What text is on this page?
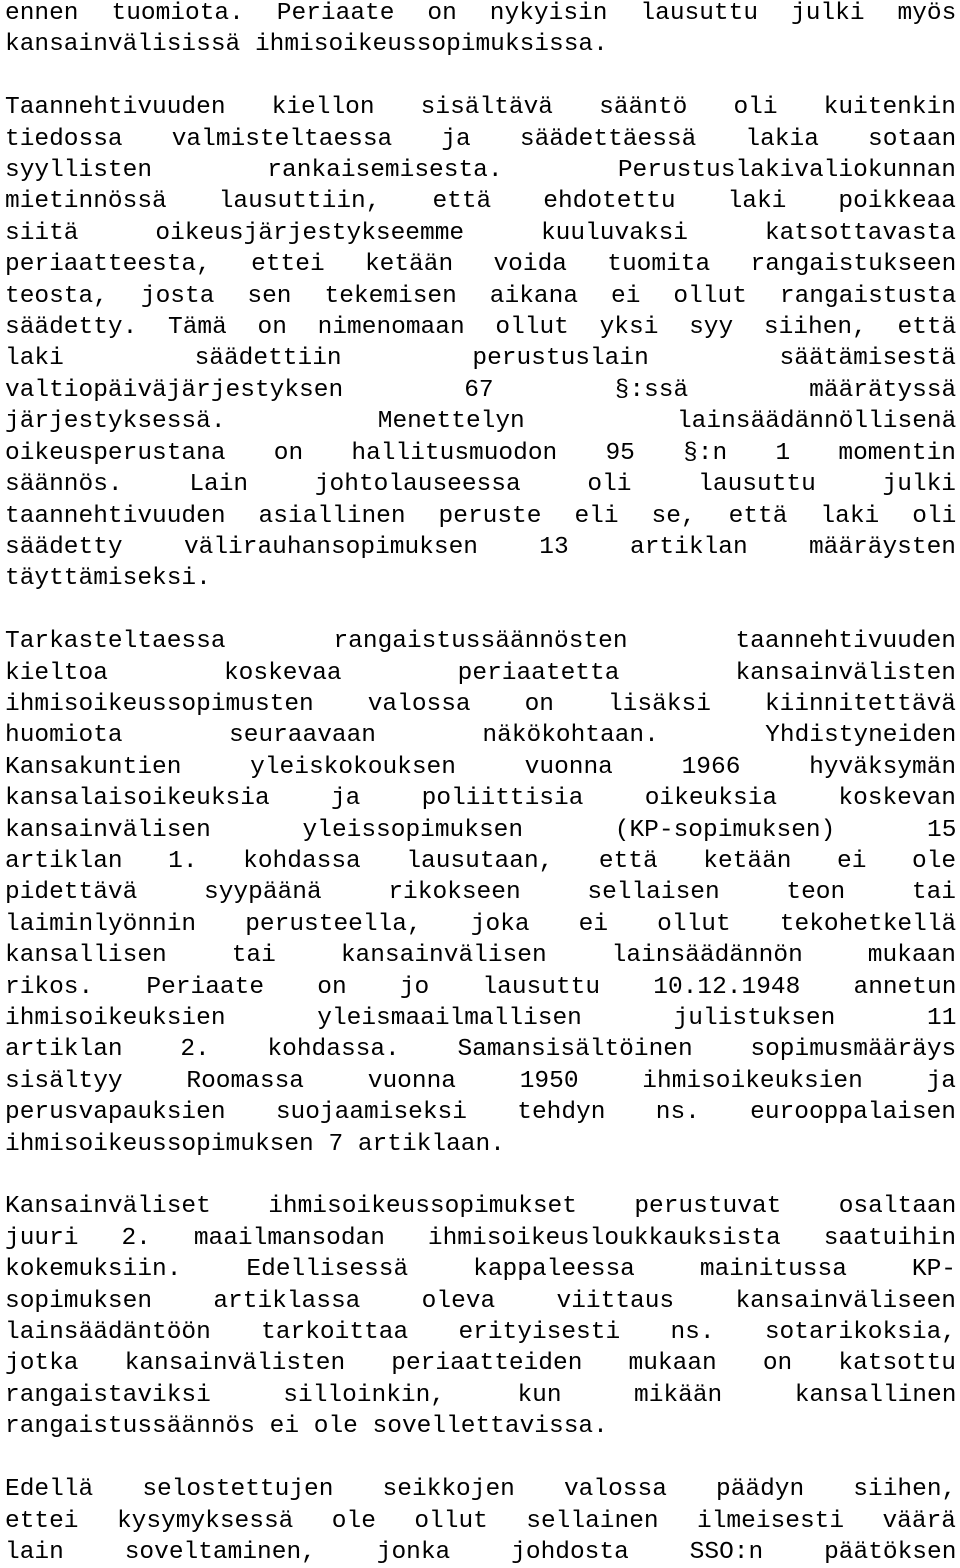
ennen tuomiota. Periaate on nykyisin lausuttu julki myös
kansainvälisissä ihmisoikeussopimuksissa.
Taannehtivuuden kiellon sisältävä sääntö oli kuitenkin
tiedossa valmisteltaessa ja säädettäessä lakia sotaan
syyllisten rankaisemisesta. Perustuslakivaliokunnan
mietinnössä lausuttiin, että ehdotettu laki poikkeaa
siitä oikeusjärjestykseemme kuuluvaksi katsottavasta
periaatteesta, ettei ketään voida tuomita rangaistukseen
teosta, josta sen tekemisen aikana ei ollut rangaistusta
säädetty. Tämä on nimenomaan ollut yksi syy siihen, että
laki säädettiin perustuslain säätämisestä
valtiopäiväjärjestyksen 67 §:ssä määrätyssä
järjestyksessä. Menettelyn lainsäädännöllisenä
oikeusperustana on hallitusmuodon 95 §:n 1 momentin
säännös. Lain johtolauseessa oli lausuttu julki
taannehtivuuden asiallinen peruste eli se, että laki oli
säädetty välirauhansopimuksen 13 artiklan määräysten
täyttämiseksi.
Tarkasteltaessa rangaistussäännösten taannehtivuuden
kieltoa koskevaa periaatetta kansainvälisten
ihmisoikeussopimusten valossa on lisäksi kiinnitettävä
huomiota seuraavaan näkökohtaan. Yhdistyneiden
Kansakuntien yleiskokouksen vuonna 1966 hyväksymän
kansalaisoikeuksia ja poliittisia oikeuksia koskevan
kansainvälisen yleissopimuksen (KP-sopimuksen) 15
artiklan 1. kohdassa lausutaan, että ketään ei ole
pidettävä syypäänä rikokseen sellaisen teon tai
laiminlyönnin perusteella, joka ei ollut tekohetkellä
kansallisen tai kansainvälisen lainsäädännön mukaan
rikos. Periaate on jo lausuttu 10.12.1948 annetun
ihmisoikeuksien yleismaailmallisen julistuksen 11
artiklan 2. kohdassa. Samansisältöinen sopimusmääräys
sisältyy Roomassa vuonna 1950 ihmisoikeuksien ja
perusvapauksien suojaamiseksi tehdyn ns. eurooppalaisen
ihmisoikeussopimuksen 7 artiklaan.
Kansainväliset ihmisoikeussopimukset perustuvat osaltaan
juuri 2. maailmansodan ihmisoikeusloukkauksista saatuihin
kokemuksiin. Edellisessä kappaleessa mainitussa KP-
sopimuksen artiklassa oleva viittaus kansainväliseen
lainsäädäntöön tarkoittaa erityisesti ns. sotarikoksia,
jotka kansainvälisten periaatteiden mukaan on katsottu
rangaistaviksi silloinkin, kun mikään kansallinen
rangaistussäännös ei ole sovellettavissa.
Edellä selostettujen seikkojen valossa päädyn siihen,
ettei kysymyksessä ole ollut sellainen ilmeisesti väärä
lain soveltaminen, jonka johdosta SSO:n päätöksen
